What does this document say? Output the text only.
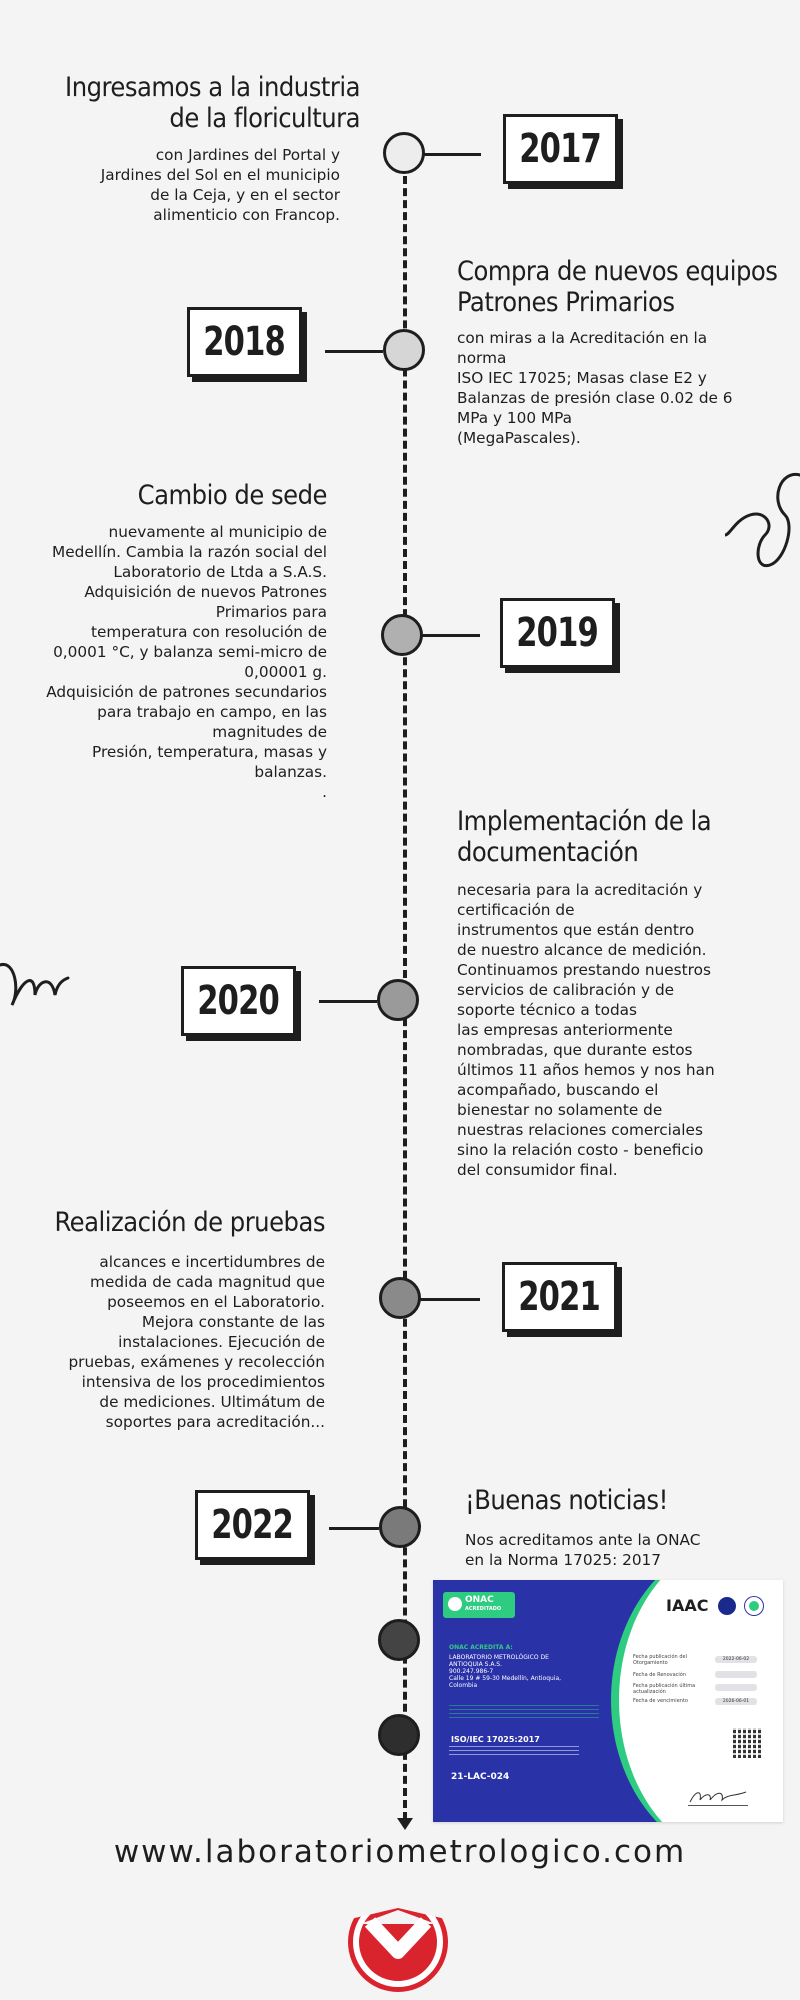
Ingresamos a la industria
de la floricultura
con Jardines del Portal y
Jardines del Sol en el municipio
de la Ceja, y en el sector
alimenticio con Francop.
2017
2018
Compra de nuevos equipos
Patrones Primarios
con miras a la Acreditación en la
norma
ISO IEC 17025; Masas clase E2 y
Balanzas de presión clase 0.02 de 6
MPa y 100 MPa
(MegaPascales).
Cambio de sede
nuevamente al municipio de
Medellín. Cambia la razón social del
Laboratorio de Ltda a S.A.S.
Adquisición de nuevos Patrones
Primarios para
temperatura con resolución de
0,0001 °C, y balanza semi-micro de
0,00001 g.
Adquisición de patrones secundarios
para trabajo en campo, en las
magnitudes de
Presión, temperatura, masas y
balanzas.
.
2019
Implementación de la
documentación
necesaria para la acreditación y
certificación de
instrumentos que están dentro
de nuestro alcance de medición.
Continuamos prestando nuestros
servicios de calibración y de
soporte técnico a todas
las empresas anteriormente
nombradas, que durante estos
últimos 11 años hemos y nos han
acompañado, buscando el
bienestar no solamente de
nuestras relaciones comerciales
sino la relación costo - beneficio
del consumidor final.
2020
Realización de pruebas
alcances e incertidumbres de
medida de cada magnitud que
poseemos en el Laboratorio.
Mejora constante de las
instalaciones. Ejecución de
pruebas, exámenes y recolección
intensiva de los procedimientos
de mediciones. Ultimátum de
soportes para acreditación...
2021
2022
¡Buenas noticias!
Nos acreditamos ante la ONAC
en la Norma 17025: 2017
ONAC
ACREDITADO
ONAC ACREDITA A:
LABORATORIO METROLÓGICO DE
ANTIOQUIA S.A.S.
900.247.986-7
Calle 19 # 59-30 Medellín, Antioquia,
Colombia
ISO/IEC 17025:2017
21-LAC-024
IAAC
Fecha publicación del Otorgamiento
2022-06-02
Fecha de Renovación
Fecha publicación última actualización
Fecha de vencimiento	2026-06-01
www.laboratoriometrologico.com
